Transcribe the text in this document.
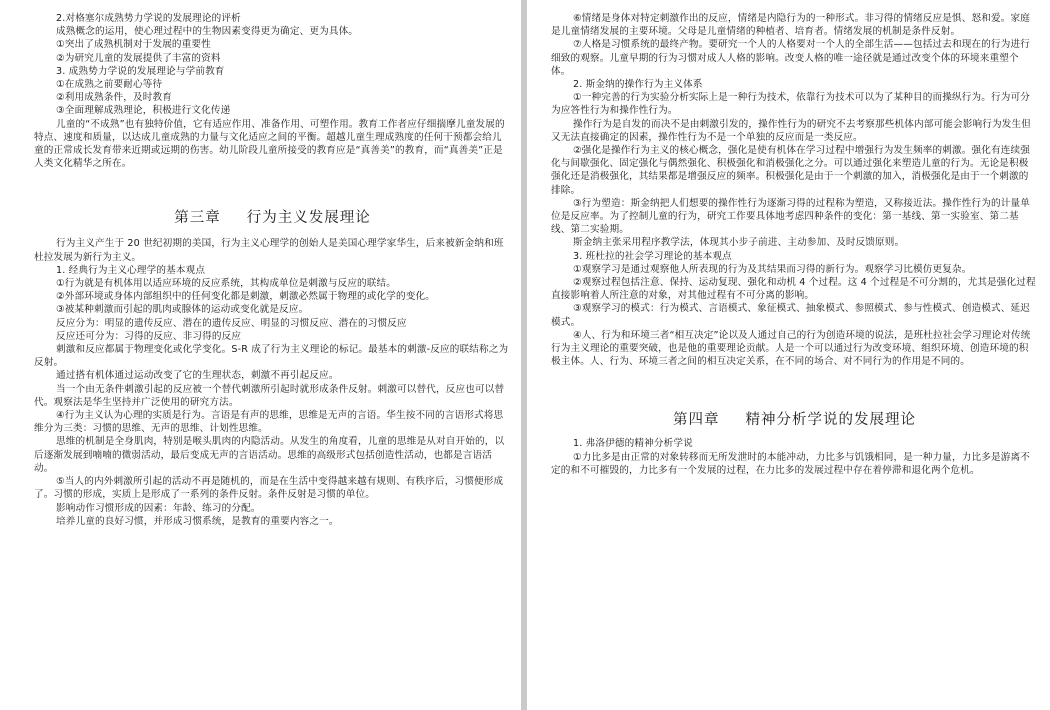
2.对格塞尔成熟势力学说的发展理论的评析

成熟概念的运用，使心理过程中的生物因素变得更为确定、更为具体。

①突出了成熟机制对于发展的重要性

②为研究儿童的发展提供了丰富的资料

3. 成熟势力学说的发展理论与学前教育

①在成熟之前要耐心等待

②利用成熟条件，及时教育

③全面理解成熟理论，积极进行文化传递

儿童的“不成熟”也有独特价值，它有适应作用、准备作用、可塑作用。教育工作者应仔细揣摩儿童发展的特点、速度和质量，以达成儿童成熟的力量与文化适应之间的平衡。超越儿童生理成熟度的任何干预都会给儿童的正常成长发育带来近期或远期的伤害。幼儿阶段儿童所接受的教育应是“真善美”的教育，而“真善美”正是人类文化精华之所在。

第三章 行为主义发展理论

行为主义产生于 20 世纪初期的美国，行为主义心理学的创始人是美国心理学家华生，后来被新金纳和班杜拉发展为新行为主义。

1. 经典行为主义心理学的基本观点

①行为就是有机体用以适应环境的反应系统，其构成单位是刺激与反应的联结。

②外部环境或身体内部组织中的任何变化都是刺激，刺激必然属于物理的或化学的变化。

③被某种刺激而引起的肌肉或腺体的运动或变化就是反应。

反应分为：明显的遗传反应、潜在的遗传反应、明显的习惯反应、潜在的习惯反应

反应还可分为：习得的反应、非习得的反应

刺激和反应都属于物理变化或化学变化。S-R 成了行为主义理论的标记。最基本的刺激-反应的联结称之为反射。

通过搭有机体通过运动改变了它的生理状态，刺激不再引起反应。

当一个由无条件刺激引起的反应被一个替代刺激所引起时就形成条件反射。刺激可以替代，反应也可以替代。观察法是华生坚持并广泛使用的研究方法。

④行为主义认为心理的实质是行为。言语是有声的思维，思维是无声的言语。华生按不同的言语形式将思维分为三类：习惯的思维、无声的思维、计划性思维。

思维的机制是全身肌肉，特别是喉头肌肉的内隐活动。从发生的角度看，儿童的思维是从对自开始的，以后逐渐发展到喃喃的微弱活动，最后变成无声的言语活动。思维的高级形式包括创造性活动，也都是言语活动。

⑤当人的内外刺激所引起的活动不再是随机的，而是在生活中变得越来越有规则、有秩序后，习惯便形成了。习惯的形成，实质上是形成了一系列的条件反射。条件反射是习惯的单位。

影响动作习惯形成的因素：年龄、练习的分配。

培养儿童的良好习惯，并形成习惯系统，是教育的重要内容之一。

⑥情绪是身体对特定刺激作出的反应，情绪是内隐行为的一种形式。非习得的情绪反应是惧、怒和爱。家庭是儿童情绪发展的主要环境。父母是儿童情绪的种植者、培育者。情绪发展的机制是条件反射。

⑦人格是习惯系统的最终产物。要研究一个人的人格要对一个人的全部生活——包括过去和现在的行为进行细致的观察。儿童早期的行为习惯对成人人格的影响。改变人格的唯一途径就是通过改变个体的环境来重塑个体。

2. 斯金纳的操作行为主义体系

①一种完善的行为实验分析实际上是一种行为技术，依靠行为技术可以为了某种目的而操纵行为。行为可分为应答性行为和操作性行为。

操作行为是自发的而决不是由刺激引发的，操作性行为的研究不去考察那些机体内部可能会影响行为发生但又无法直接确定的因素，操作性行为不是一个单独的反应而是一类反应。

②强化是操作行为主义的核心概念，强化是使有机体在学习过程中增强行为发生频率的刺激。强化有连续强化与间歇强化、固定强化与偶然强化、积极强化和消极强化之分。可以通过强化来塑造儿童的行为。无论是积极强化还是消极强化，其结果都是增强反应的频率。积极强化是由于一个刺激的加入，消极强化是由于一个刺激的排除。

③行为塑造：斯金纳把人们想要的操作性行为逐渐习得的过程称为塑造，又称接近法。操作性行为的计量单位是反应率。为了控制儿童的行为，研究工作要具体地考虑四种条件的变化：第一基线、第一实验室、第二基线、第二实验期。

斯金纳主张采用程序教学法，体现其小步子前进、主动参加、及时反馈原则。

3. 班杜拉的社会学习理论的基本观点

①观察学习是通过观察他人所表现的行为及其结果而习得的新行为。观察学习比模仿更复杂。

②观察过程包括注意、保持、运动复现、强化和动机 4 个过程。这 4 个过程是不可分割的，尤其是强化过程直接影响着人所注意的对象，对其他过程有不可分离的影响。

③观察学习的模式：行为模式、言语模式、象征模式、抽象模式、参照模式、参与性模式、创造模式、延迟模式。

④人、行为和环境三者“相互决定”论以及人通过自己的行为创造环境的说法，是班杜拉社会学习理论对传统行为主义理论的重要突破，也是他的重要理论贡献。人是一个可以通过行为改变环境、组织环境、创造环境的积极主体。人、行为、环境三者之间的相互决定关系，在不同的场合、对不同行为的作用是不同的。

第四章 精神分析学说的发展理论

1. 弗洛伊德的精神分析学说

①力比多是由正常的对象转移而无所发泄时的本能冲动，力比多与饥饿相同，是一种力量，力比多是游离不定的和不可摧毁的，力比多有一个发展的过程，在力比多的发展过程中存在着停滞和退化两个危机。
